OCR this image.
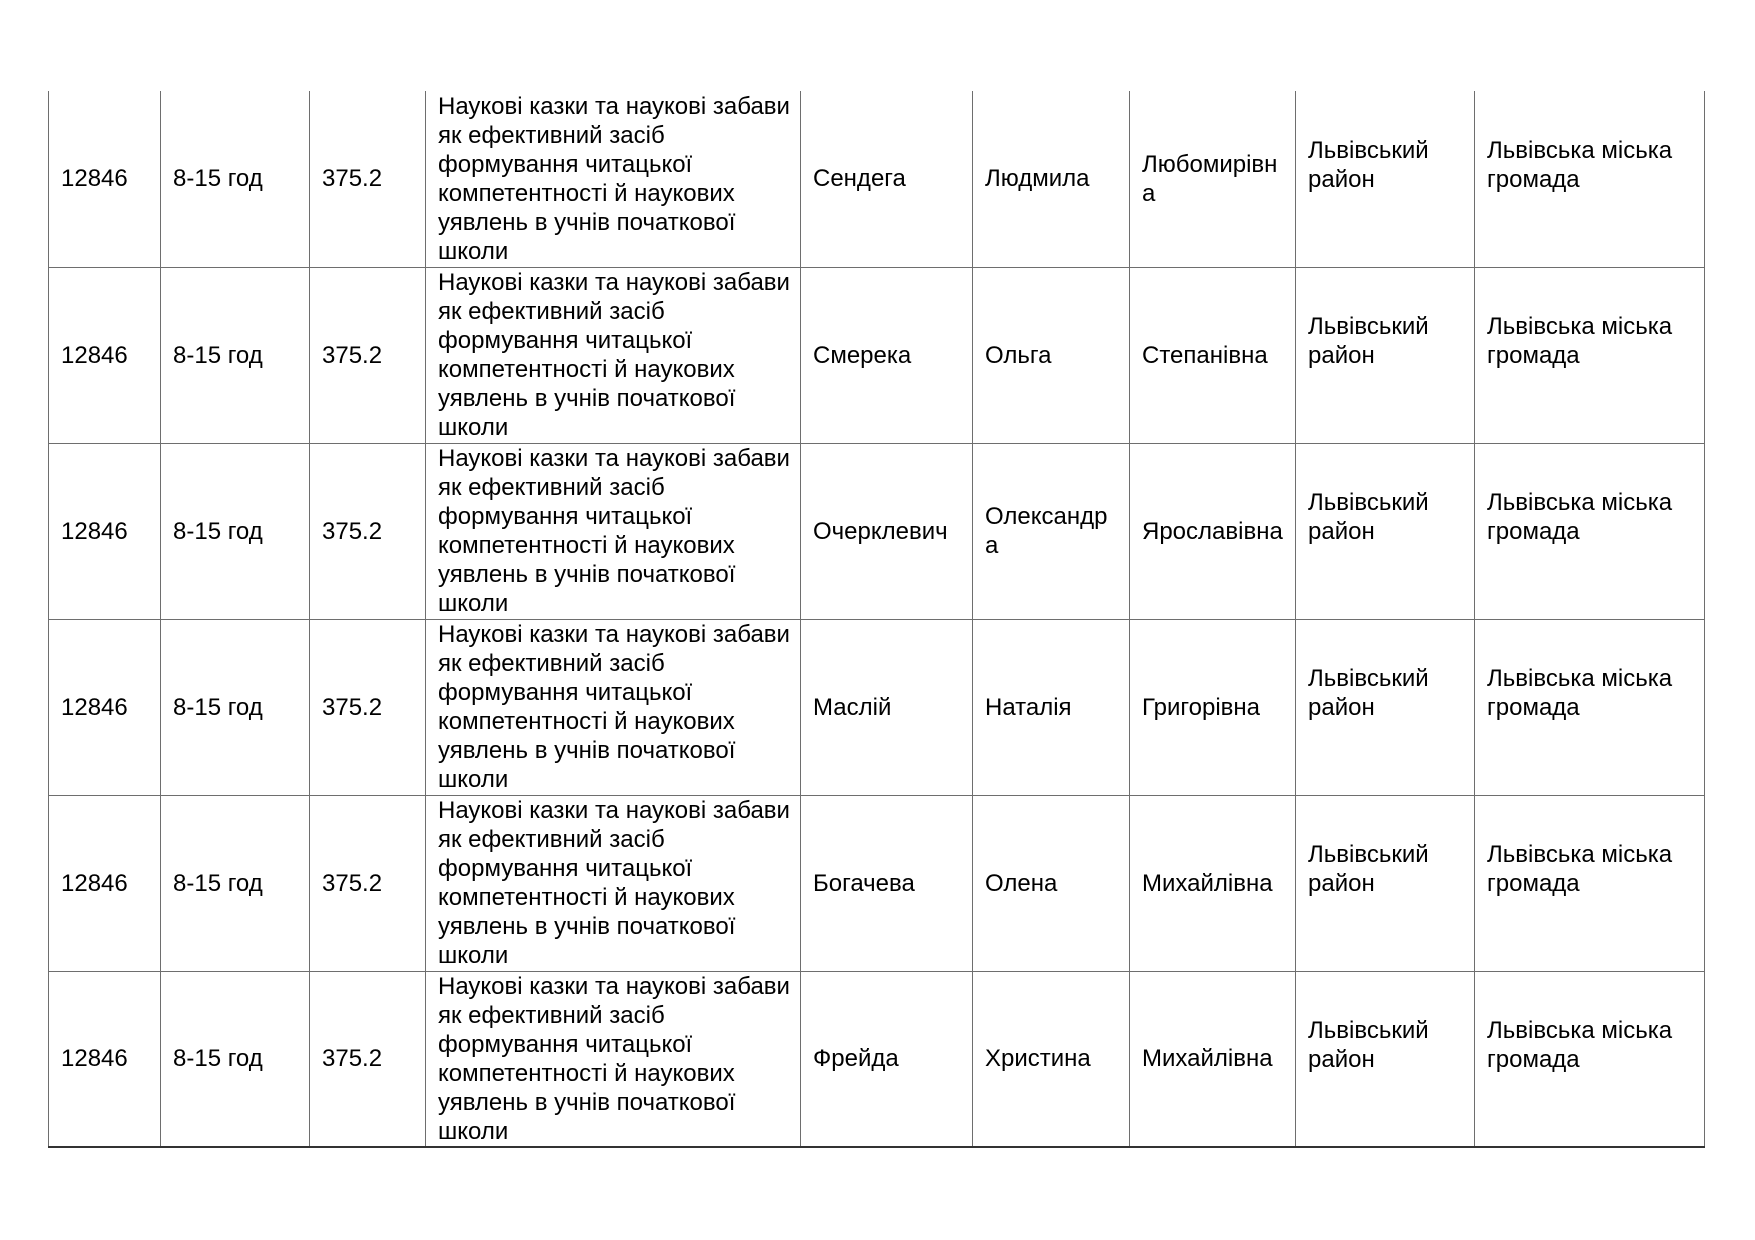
12846	8-15 год	375.2	Наукові казки та наукові забави як ефективний засіб формування читацької компетентності й наукових уявлень в учнів початкової школи	Сендега	Людмила	Любомирівна	Львівський район	Львівська міська громада

12846	8-15 год	375.2	Наукові казки та наукові забави як ефективний засіб формування читацької компетентності й наукових уявлень в учнів початкової школи	Смерека	Ольга	Степанівна	Львівський район	Львівська міська громада

12846	8-15 год	375.2	Наукові казки та наукові забави як ефективний засіб формування читацької компетентності й наукових уявлень в учнів початкової школи	Очерклевич	Олександра	Ярославівна	Львівський район	Львівська міська громада

12846	8-15 год	375.2	Наукові казки та наукові забави як ефективний засіб формування читацької компетентності й наукових уявлень в учнів початкової школи	Маслій	Наталія	Григорівна	Львівський район	Львівська міська громада

12846	8-15 год	375.2	Наукові казки та наукові забави як ефективний засіб формування читацької компетентності й наукових уявлень в учнів початкової школи	Богачева	Олена	Михайлівна	Львівський район	Львівська міська громада

12846	8-15 год	375.2	Наукові казки та наукові забави як ефективний засіб формування читацької компетентності й наукових уявлень в учнів початкової школи	Фрейда	Христина	Михайлівна	Львівський район	Львівська міська громада
